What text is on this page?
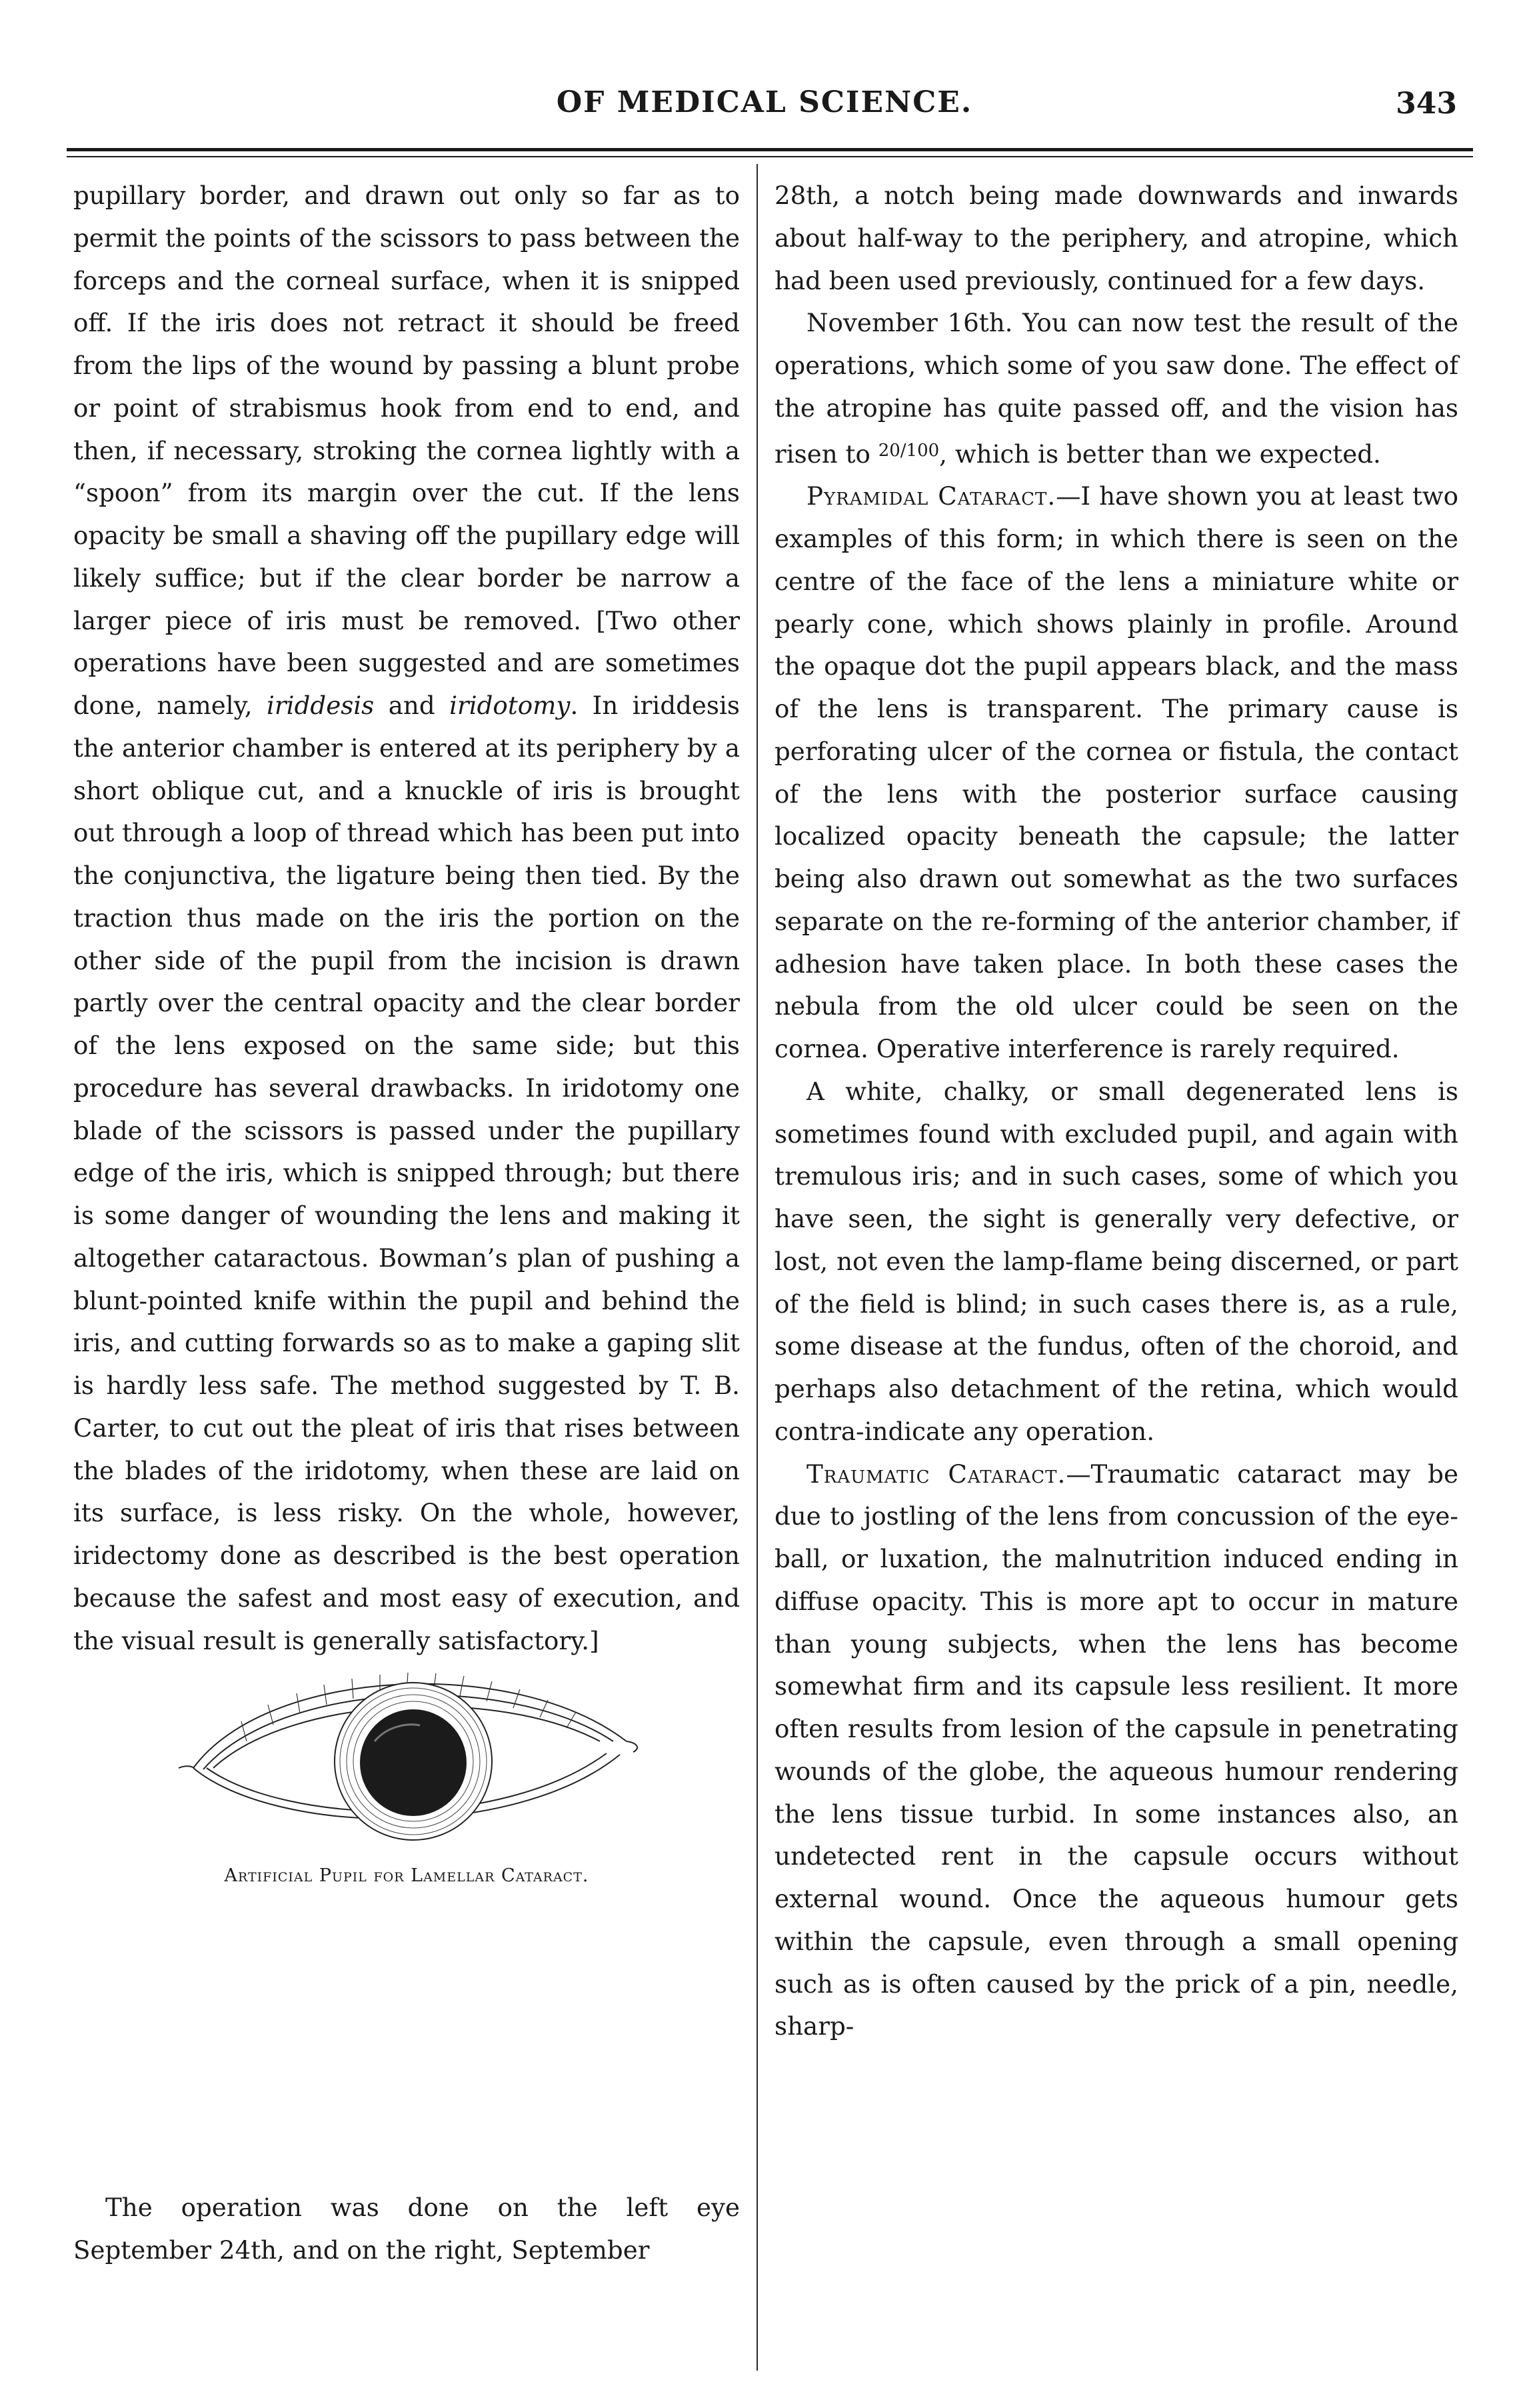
OF MEDICAL SCIENCE.	343

pupillary border, and drawn out only so far as to permit the points of the scissors to pass between the forceps and the corneal surface, when it is snipped off. If the iris does not retract it should be freed from the lips of the wound by passing a blunt probe or point of strabismus hook from end to end, and then, if necessary, stroking the cornea lightly with a “spoon” from its margin over the cut. If the lens opacity be small a shaving off the pupillary edge will likely suffice; but if the clear border be narrow a larger piece of iris must be removed. [Two other operations have been suggested and are sometimes done, namely, iriddesis and iridotomy. In iriddesis the anterior chamber is entered at its periphery by a short oblique cut, and a knuckle of iris is brought out through a loop of thread which has been put into the conjunctiva, the ligature being then tied. By the traction thus made on the iris the portion on the other side of the pupil from the incision is drawn partly over the central opacity and the clear border of the lens exposed on the same side; but this procedure has several drawbacks. In iridotomy one blade of the scissors is passed under the pupillary edge of the iris, which is snipped through; but there is some danger of wounding the lens and making it altogether cataractous. Bowman’s plan of pushing a blunt-pointed knife within the pupil and behind the iris, and cutting forwards so as to make a gaping slit is hardly less safe. The method suggested by T. B. Carter, to cut out the pleat of iris that rises between the blades of the iridotomy, when these are laid on its surface, is less risky. On the whole, however, iridectomy done as described is the best operation because the safest and most easy of execution, and the visual result is generally satisfactory.]

Artificial Pupil for Lamellar Cataract.

The operation was done on the left eye September 24th, and on the right, September

28th, a notch being made downwards and inwards about half-way to the periphery, and atropine, which had been used previously, continued for a few days.

November 16th. You can now test the result of the operations, which some of you saw done. The effect of the atropine has quite passed off, and the vision has risen to $^{20/100}$, which is better than we expected.

Pyramidal Cataract.—I have shown you at least two examples of this form; in which there is seen on the centre of the face of the lens a miniature white or pearly cone, which shows plainly in profile. Around the opaque dot the pupil appears black, and the mass of the lens is transparent. The primary cause is perforating ulcer of the cornea or fistula, the contact of the lens with the posterior surface causing localized opacity beneath the capsule; the latter being also drawn out somewhat as the two surfaces separate on the re-forming of the anterior chamber, if adhesion have taken place. In both these cases the nebula from the old ulcer could be seen on the cornea. Operative interference is rarely required.

A white, chalky, or small degenerated lens is sometimes found with excluded pupil, and again with tremulous iris; and in such cases, some of which you have seen, the sight is generally very defective, or lost, not even the lamp-flame being discerned, or part of the field is blind; in such cases there is, as a rule, some disease at the fundus, often of the choroid, and perhaps also detachment of the retina, which would contra-indicate any operation.

Traumatic Cataract.—Traumatic cataract may be due to jostling of the lens from concussion of the eye-ball, or luxation, the malnutrition induced ending in diffuse opacity. This is more apt to occur in mature than young subjects, when the lens has become somewhat firm and its capsule less resilient. It more often results from lesion of the capsule in penetrating wounds of the globe, the aqueous humour rendering the lens tissue turbid. In some instances also, an undetected rent in the capsule occurs without external wound. Once the aqueous humour gets within the capsule, even through a small opening such as is often caused by the prick of a pin, needle, sharp-
